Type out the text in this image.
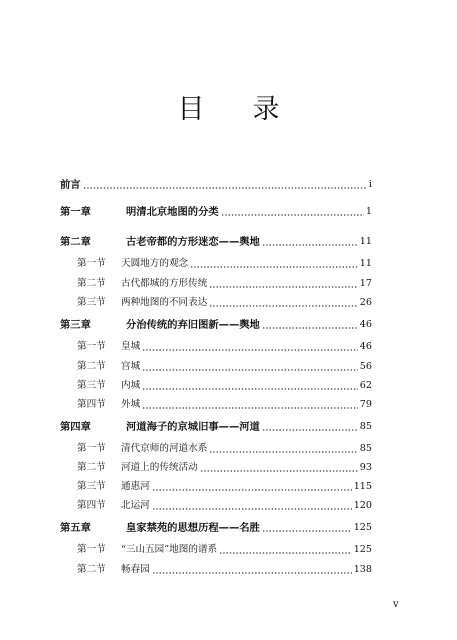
目 录
前言	i
第一章	明清北京地图的分类	1
第二章	古老帝都的方形迷恋——舆地	11
第一节	天圆地方的观念	11
第二节	古代都城的方形传统	17
第三节	两种地图的不同表达	26
第三章	分治传统的弃旧图新——舆地	46
第一节	皇城	46
第二节	宫城	56
第三节	内城	62
第四节	外城	79
第四章	河道海子的京城旧事——河道	85
第一节	清代京师的河道水系	85
第二节	河道上的传统活动	93
第三节	通惠河	115
第四节	北运河	120
第五章	皇家禁苑的思想历程——名胜	125
第一节	“三山五园”地图的谱系	125
第二节	畅春园	138
v
